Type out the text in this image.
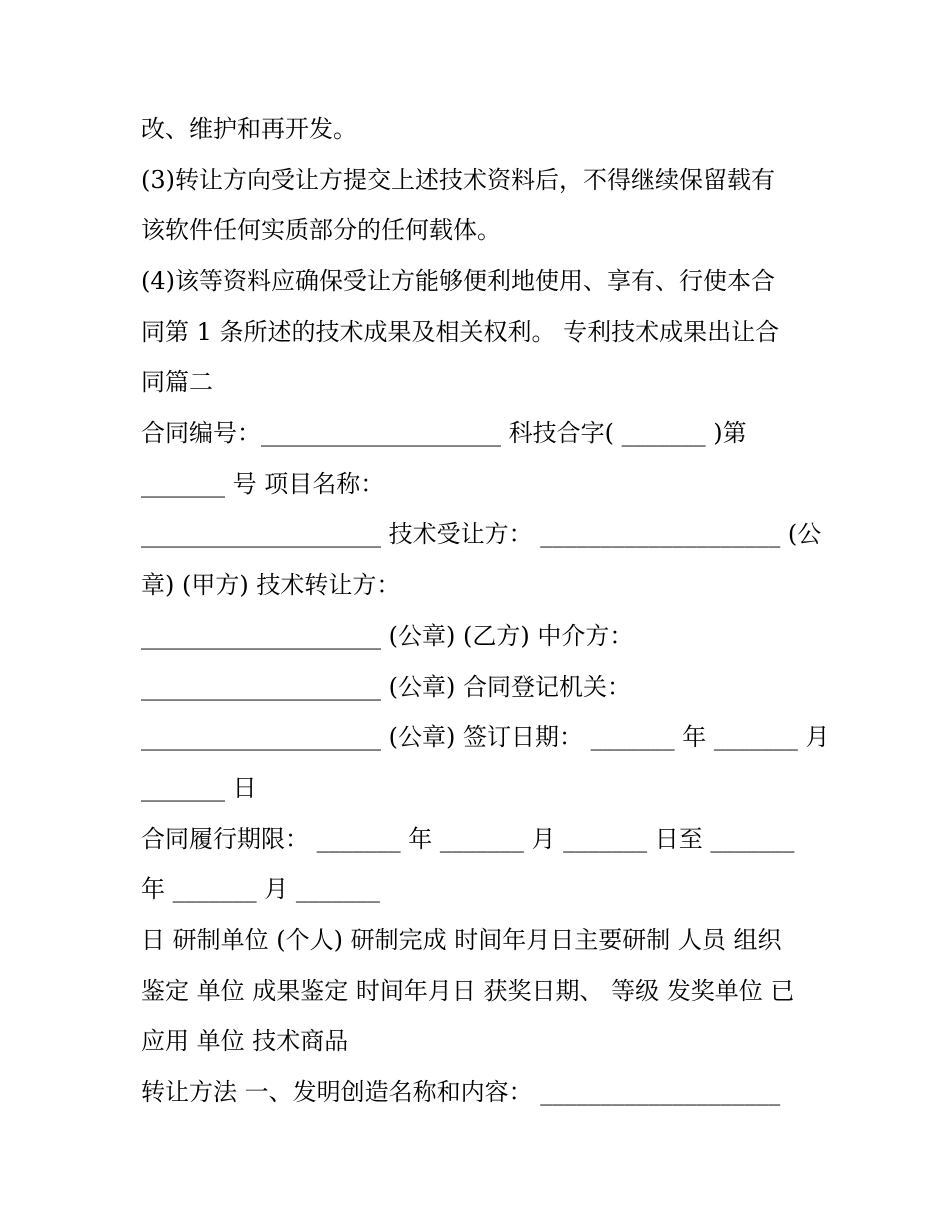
改、维护和再开发。
(3)转让方向受让方提交上述技术资料后，不得继续保留载有
该软件任何实质部分的任何载体。
(4)该等资料应确保受让方能够便利地使用、享有、行使本合
同第 1 条所述的技术成果及相关权利。 专利技术成果出让合
同篇二
合同编号：____________________ 科技合字( _______ )第
_______ 号 项目名称：
____________________ 技术受让方： ____________________ (公
章) (甲方) 技术转让方：
____________________ (公章) (乙方) 中介方：
____________________ (公章) 合同登记机关：
____________________ (公章) 签订日期： _______ 年 _______ 月
_______ 日
合同履行期限： _______ 年 _______ 月 _______ 日至 _______
年 _______ 月 _______
日 研制单位 (个人) 研制完成 时间年月日主要研制 人员 组织
鉴定 单位 成果鉴定 时间年月日 获奖日期、 等级 发奖单位 已
应用 单位 技术商品
转让方法 一、发明创造名称和内容： ____________________
